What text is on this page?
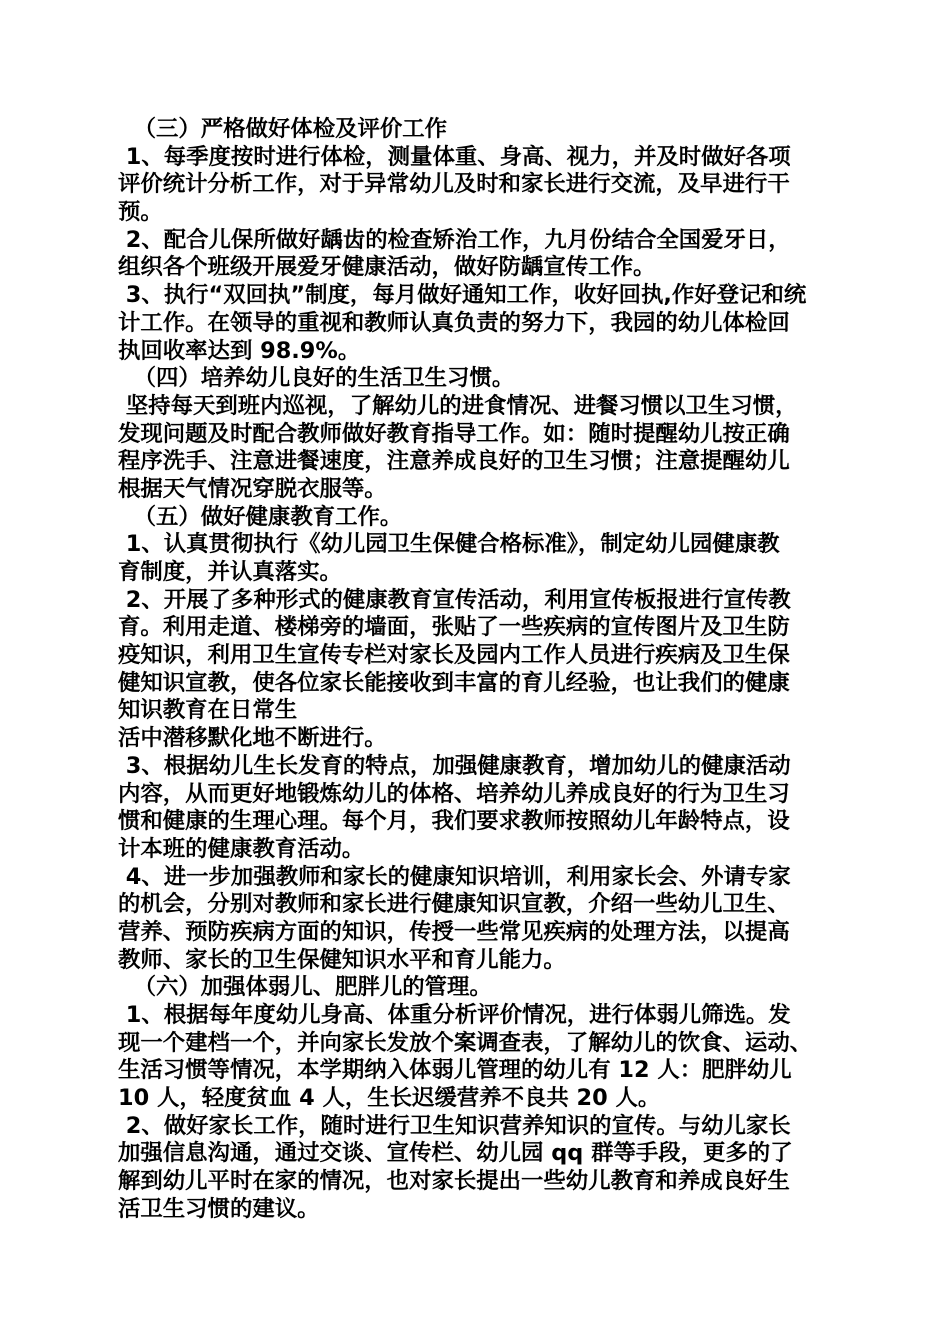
（三）严格做好体检及评价工作
1、每季度按时进行体检，测量体重、身高、视力，并及时做好各项
评价统计分析工作，对于异常幼儿及时和家长进行交流，及早进行干
预。
2、配合儿保所做好龋齿的检查矫治工作，九月份结合全国爱牙日，
组织各个班级开展爱牙健康活动，做好防龋宣传工作。
3、执行“双回执”制度，每月做好通知工作，收好回执,作好登记和统
计工作。在领导的重视和教师认真负责的努力下，我园的幼儿体检回
执回收率达到 98.9%。
（四）培养幼儿良好的生活卫生习惯。
坚持每天到班内巡视，了解幼儿的进食情况、进餐习惯以卫生习惯，
发现问题及时配合教师做好教育指导工作。如：随时提醒幼儿按正确
程序洗手、注意进餐速度，注意养成良好的卫生习惯；注意提醒幼儿
根据天气情况穿脱衣服等。
（五）做好健康教育工作。
1、认真贯彻执行《幼儿园卫生保健合格标准》，制定幼儿园健康教
育制度，并认真落实。
2、开展了多种形式的健康教育宣传活动，利用宣传板报进行宣传教
育。利用走道、楼梯旁的墙面，张贴了一些疾病的宣传图片及卫生防
疫知识，利用卫生宣传专栏对家长及园内工作人员进行疾病及卫生保
健知识宣教，使各位家长能接收到丰富的育儿经验，也让我们的健康
知识教育在日常生
活中潜移默化地不断进行。
3、根据幼儿生长发育的特点，加强健康教育，增加幼儿的健康活动
内容，从而更好地锻炼幼儿的体格、培养幼儿养成良好的行为卫生习
惯和健康的生理心理。每个月，我们要求教师按照幼儿年龄特点，设
计本班的健康教育活动。
4、进一步加强教师和家长的健康知识培训，利用家长会、外请专家
的机会，分别对教师和家长进行健康知识宣教，介绍一些幼儿卫生、
营养、预防疾病方面的知识，传授一些常见疾病的处理方法，以提高
教师、家长的卫生保健知识水平和育儿能力。
（六）加强体弱儿、肥胖儿的管理。
1、根据每年度幼儿身高、体重分析评价情况，进行体弱儿筛选。发
现一个建档一个，并向家长发放个案调查表，了解幼儿的饮食、运动、
生活习惯等情况，本学期纳入体弱儿管理的幼儿有 12 人：肥胖幼儿
10 人，轻度贫血 4 人，生长迟缓营养不良共 20 人。
2、做好家长工作，随时进行卫生知识营养知识的宣传。与幼儿家长
加强信息沟通，通过交谈、宣传栏、幼儿园 qq 群等手段，更多的了
解到幼儿平时在家的情况，也对家长提出一些幼儿教育和养成良好生
活卫生习惯的建议。
